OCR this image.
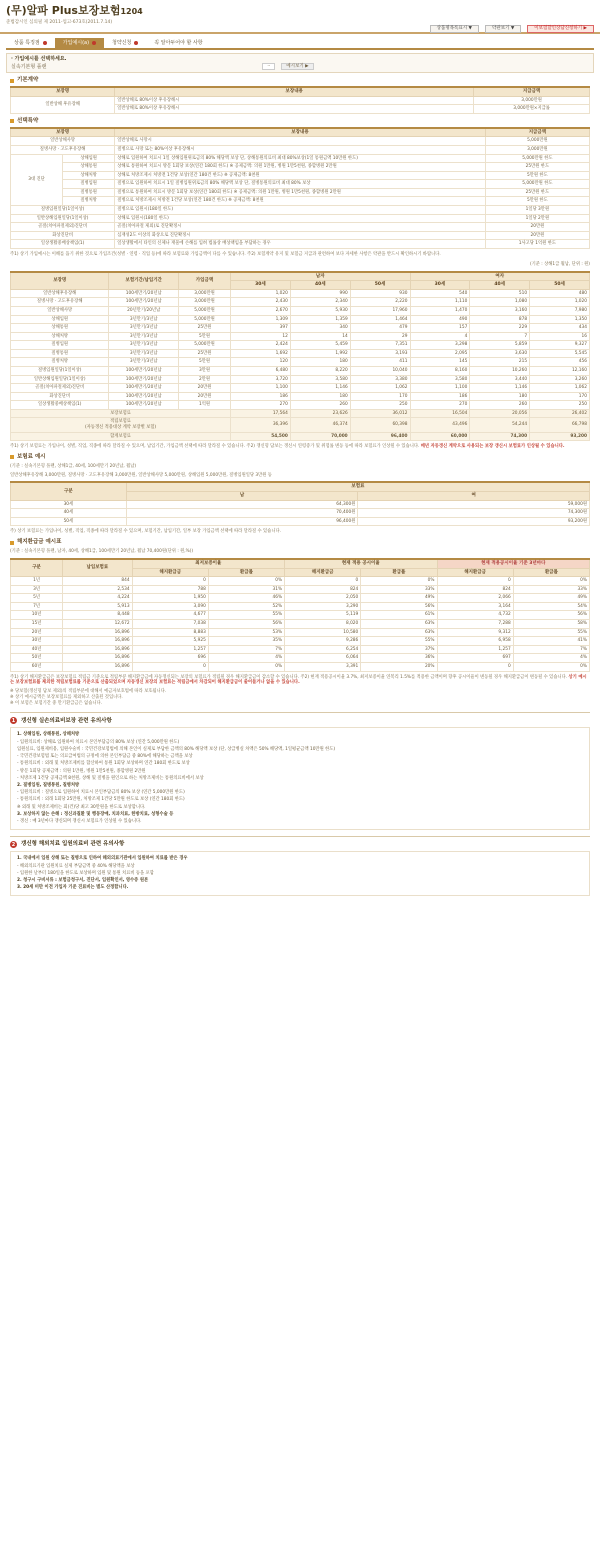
(무)알파 Plus보장보험1204
준법감시인 심의필 제 2011-업고-673호(2011.7.14)
상품명목록표시 ▼	약관보기 ▼	이보험할인상담신청하기 ▶
상품 특징점	가입예시(a)	청약신청	꼭 알아두어야 할 사항
· 가입예시를 선택하세요.
실속기본형 플랜	··	예시보기 ▶
기본계약
보장명	보장내용	지급금액
일반상해 후유장해	일반상해로 80%이상 후유장해시	3,000만원
	일반상해로 80%이상 후유장해시	3,000만원×지급률
선택특약
보장명		보장내용	지급금액
일반상해사망		일반상해로 사망시	5,000만원
질병사망 · 고도후유장해		질병으로 사망 또는 80%이상 후유장해시	3,000만원
3대 진단	상해입원	상해로 입원하여 치료시 1일 상해입원위로금의 80% 해당액 보상 단, 상해통원의료비 최대 80%보상(1일 통원금액 10만원 한도)	5,000만원 한도
	상해통원	상해로 통원하여 치료시 방문 1회당 보상(연간 180회 한도) ※ 공제금액: 의원 1만원, 병원 1만5천원, 종합병원 2만원	25만원 한도
	상해처방	상해로 처방조제시 처방전 1건당 보상(연간 180건 한도) ※ 공제금액: 8천원	5만원 한도
	질병입원	질병으로 입원하여 치료시 1일 질병입원위로금의 80% 해당액 보상 단, 질병통원의료비 최대 80% 보상	5,000만원 한도
	질병통원	질병으로 통원하여 치료시 방문 1회당 보상(연간 180회 한도) ※ 공제금액: 의원 1만원, 병원 1만5천원, 종합병원 2만원	25만원 한도
	질병처방	질병으로 처방조제시 처방전 1건당 보상(연간 180건 한도) ※ 공제금액: 8천원	5만원 한도
질병입원일당(1일이상)		질병으로 입원시(180일 한도)	1일당 3만원
일반상해입원일당(1일이상)		상해로 입원시(180일 한도)	1일당 2만원
골절(치아파절제외)진단비		골절(치아파절 제외)로 진단확정시	20만원
화상진단비		심재성2도 이상의 화상으로 진단확정시	20만원
일상생활중배상책임(1)		일상생활에서 타인의 신체나 재물에 손해를 입혀 법률상 배상책임을 부담하는 경우	1사고당 1억원 한도
주1) 상기 가입예시는 이해를 돕기 위한 것으로 가입조건(성별 · 연령 · 직업 등)에 따라 보험료와 가입금액이 다를 수 있습니다. 주2) 보험계약 유지 및 보험금 지급과 관련하여 보다 자세한 사항은 약관을 반드시 확인하시기 바랍니다.
(기준 : 상해1급 월납, 단위 : 원)
보장명	보험기간/납입기간	가입금액	남자			여자		
			30세	40세	50세	30세	40세	50세
일반상해후유장해	100세만기/20년납	3,000만원	1,020	990	930	540	510	480
질병사망 · 고도후유장해	100세만기/20년납	3,000만원	2,430	2,340	2,220	1,110	1,080	1,020
일반상해사망	20년만기/20년납	5,000만원	2,670	5,930	17,960	1,470	3,160	7,980
상해입원	3년만기/3년납	5,000만원	1,309	1,359	1,464	490	878	1,350
상해통원	3년만기/3년납	25만원	397	340	479	157	229	434
상해처방	3년만기/3년납	5만원	12	14	29	4	7	16
질병입원	3년만기/3년납	5,000만원	2,424	5,459	7,351	3,298	5,859	9,327
질병통원	3년만기/3년납	25만원	1,692	1,992	3,193	2,095	3,630	5,545
질병처방	3년만기/3년납	5만원	120	180	411	145	215	456
질병입원일당(1일이상)	100세만기/20년납	3만원	6,480	8,220	10,040	8,160	10,260	12,160
일반상해입원일당(1일이상)	100세만기/20년납	2만원	3,720	3,580	3,380	3,580	3,440	3,260
골절(치아파절제외)진단비	100세만기/20년납	20만원	1,100	1,146	1,062	1,100	1,146	1,062
화상진단비	100세만기/20년납	20만원	186	180	170	186	180	170
일상생활중배상책임(1)	100세만기/20년납	1억원	270	260	250	270	260	250
보장보험료			17,564	23,626	36,012	16,504	20,056	26,402
적립보험료
(자동갱신 적용대상 계약 보장별 보험)			36,396	46,374	60,398	43,496	54,244	66,798
합계보험료			54,500	70,000	96,400	60,000	74,300	93,200
주1) 상기 보험료는 가입나이, 성별, 직업, 직종에 따라 달라질 수 있으며, 납입기간, 가입금액 선택에 따라 달라질 수 있습니다. 주2) 갱신형 담보는 갱신시 연령증가 및 위험률 변동 등에 따라 보험료가 인상될 수 있습니다. 매년 자동갱신 계약으로 사용되는 보장 갱신시 보험료가 인상될 수 있습니다.
보험료 예시
(기준 : 실속기본형 플랜, 상해1급, 40세, 100세만기 20년납, 월납)
일반상해후유장해 3,000만원, 질병사망 · 고도후유장해 3,000만원, 일반상해사망 5,000만원, 상해입원 5,000만원, 질병입원일당 3만원 등
구분	보험료	
	남	여
30세	64,300원	59,000원
40세	70,400원	74,300원
50세	96,400원	93,200원
주) 상기 보험료는 가입나이, 성별, 직업, 직종에 따라 달라질 수 있으며, 보험기간, 납입기간, 일부 보장 가입금액 선택에 따라 달라질 수 있습니다.
해지환급금 예시표
(기준 : 실속기본형 플랜, 남자, 40세, 상해1급, 100세만기 20년납, 월납 70,400원(단위 : 원,%))
구분	납입보험료	최저보증이율		현재 적용 공시이율		현재 적용공시이율 기준 3년마다	
		해지환급금	환급률	해지환급금	환급률	해지환급금	환급률
1년	844	0	0%	0	0%	0	0%
3년	2,534	788	31%	824	33%	824	33%
5년	4,224	1,950	46%	2,050	49%	2,066	49%
7년	5,913	3,090	52%	3,290	56%	3,164	54%
10년	8,448	4,677	55%	5,119	61%	4,732	56%
15년	12,672	7,038	56%	8,020	63%	7,288	58%
20년	16,896	8,883	53%	10,580	63%	9,312	55%
30년	16,896	5,925	35%	9,286	55%	6,958	41%
40년	16,896	1,257	7%	6,254	37%	1,257	7%
50년	16,896	696	4%	6,064	36%	697	4%
60년	16,896	0	0%	3,391	20%	0	0%
주1) 상기 해지환급금은 보장보험료 적립금 기준으로 적립부분 해지환급금에 자동갱신되는 보장의 보험료가 적립될 경우 해지환급금이 감소할 수 있습니다. 주2) 현재 적용공시이율 3.7%, 최저보증이율 연복리 1.5%를 적용한 금액이며 향후 공시이율이 변동될 경우 해지환급금이 변동될 수 있습니다. 상기 예시는 보장보험료를 제외한 적립보험료를 기준으로 산출되었으며 자동갱신 보장의 보험료는 적립금에서 차감되어 해지환급금이 줄어들거나 없을 수 있습니다.
※ 당보험(갱신형 담보 제외)의 적립부분에 대해서 예금자보호법에 따라 보호됩니다.
※ 상기 예시금액은 보장보험료를 제외하고 산출된 것입니다.
※ 이 보험은 보험기간 중 만기환급금은 없습니다.
1	갱신형 실손의료비보장 관련 유의사항

1. 상해입원, 상해통원, 상해처방

- 입원의료비: 상해로 입원하여 치료시 본인부담금의 80% 보상 (연간 5,000만원 한도)

입원실료, 입원제비용, 입원수술비 : 국민건강보험법에 의해 본인이 실제로 부담한 금액의 80% 해당액 보상 (단, 상급병실 차액은 50% 해당액, 1일평균금액 10만원 한도)

- 국민건강보험법 또는 의료급여법의 규정에 의한 본인부담금 중 80%에 해당하는 금액을 보상

- 통원의료비 : 외래 및 처방조제비를 합산하여 통원 1회당 보상하며 연간 180회 한도로 보상

- 방문 1회당 공제금액 : 의원 1만원, 병원 1만5천원, 종합병원 2만원

- 처방조제 1건당 공제금액 8천원, 상해 및 질병을 원인으로 하는 처방조제비는 통원의료비에서 보상

2. 질병입원, 질병통원, 질병처방

- 입원의료비 : 질병으로 입원하여 치료시 본인부담금의 80% 보상 (연간 5,000만원 한도)

- 통원의료비 : 외래 1회당 25만원, 처방조제 1건당 5만원 한도로 보상 (연간 180회 한도)

※ 외래 및 처방조제비는 회(건)당 최고 30만원을 한도로 보상합니다.

3. 보상하지 않는 손해 : 정신과질환 및 행동장애, 치과치료, 한방치료, 성형수술 등

- 갱신 : 매 3년마다 갱신되며 갱신시 보험료가 인상될 수 있습니다.

2	갱신형 해외치료 입원의료비 관련 유의사항

1. 국내에서 입원 상해 또는 질병으로 인하여 해외의료기관에서 입원하여 치료를 받은 경우

- 해외의료기관 입원치료 실제 부담금액 중 40% 해당액을 보상

- 입원한 날부터 180일을 한도로 보상하며 입원 및 통원 치료비 등을 포함

2. 청구시 구비서류 : 보험금청구서, 진단서, 입원확인서, 영수증 원본

3. 20세 미만 이전 가입자 기준 진료비는 별도 산정합니다.
